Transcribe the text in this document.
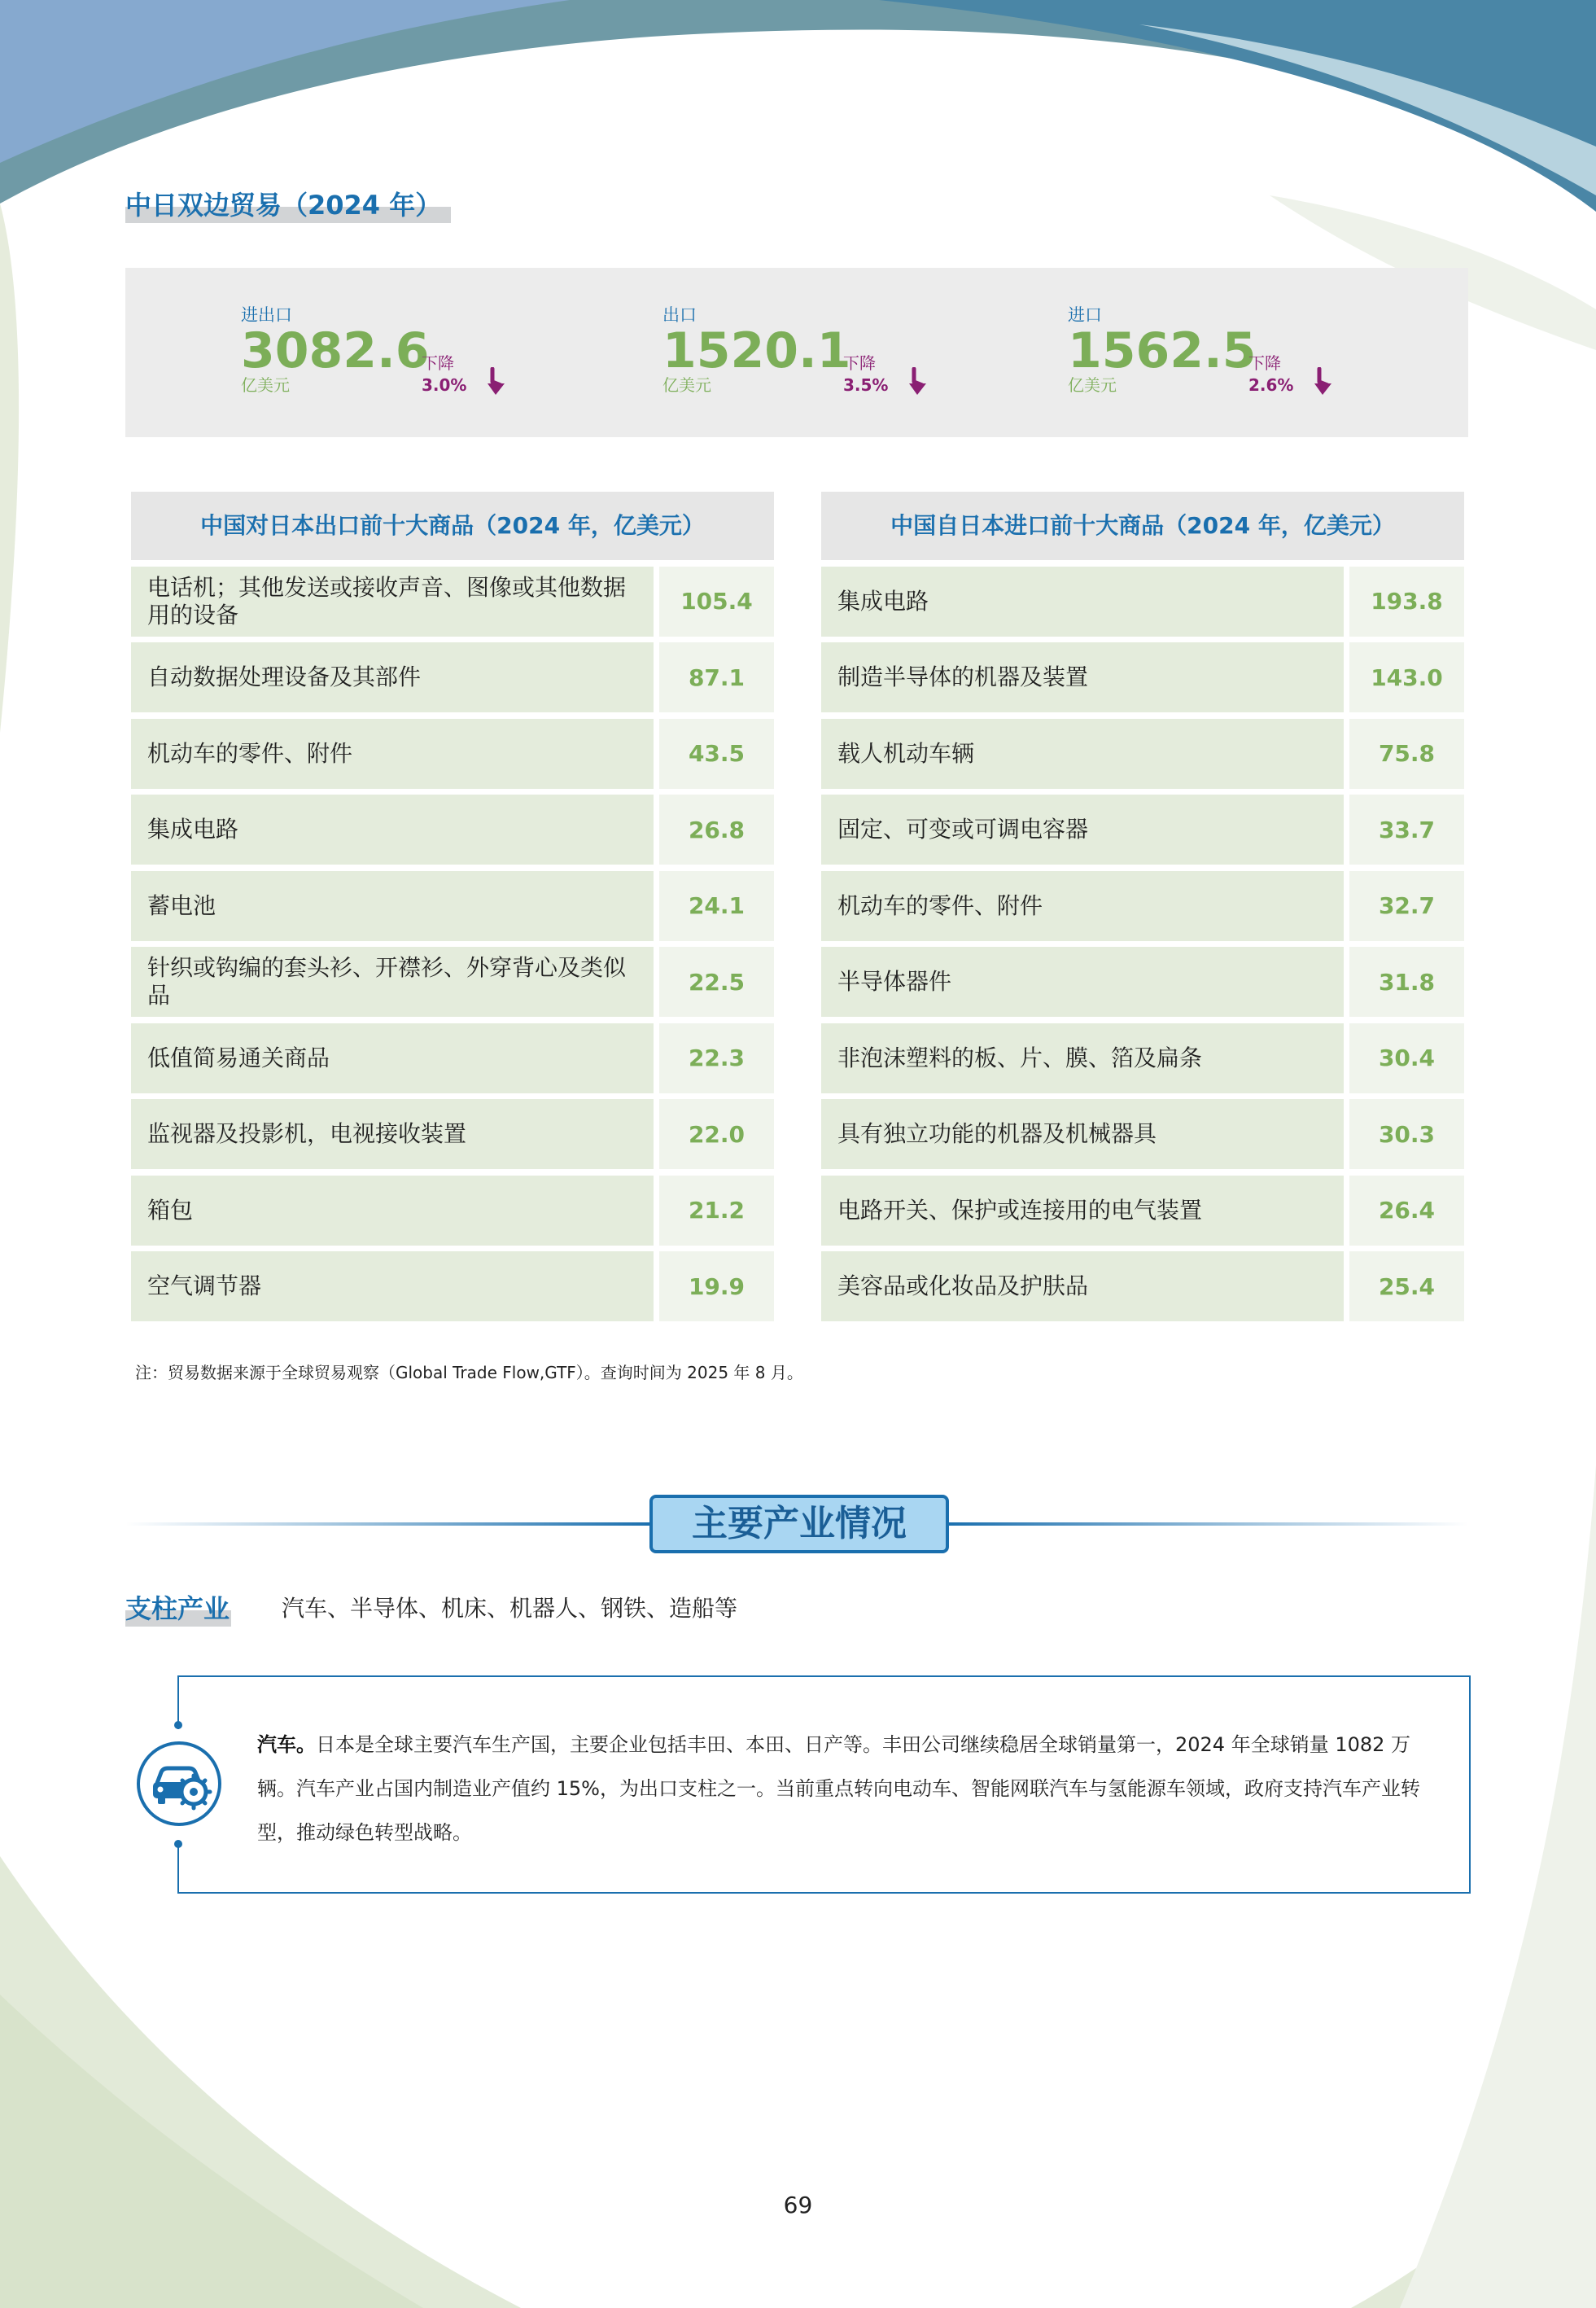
中日双边贸易（2024 年）
进出口
3082.6
亿美元
下降
3.0%
出口
1520.1
亿美元
下降
3.5%
进口
1562.5
亿美元
下降
2.6%
中国对日本出口前十大商品（2024 年，亿美元）
电话机；其他发送或接收声音、图像或其他数据用的设备	105.4
自动数据处理设备及其部件	87.1
机动车的零件、附件	43.5
集成电路	26.8
蓄电池	24.1
针织或钩编的套头衫、开襟衫、外穿背心及类似品	22.5
低值简易通关商品	22.3
监视器及投影机，电视接收装置	22.0
箱包	21.2
空气调节器	19.9
中国自日本进口前十大商品（2024 年，亿美元）
集成电路	193.8
制造半导体的机器及装置	143.0
载人机动车辆	75.8
固定、可变或可调电容器	33.7
机动车的零件、附件	32.7
半导体器件	31.8
非泡沫塑料的板、片、膜、箔及扁条	30.4
具有独立功能的机器及机械器具	30.3
电路开关、保护或连接用的电气装置	26.4
美容品或化妆品及护肤品	25.4
注：贸易数据来源于全球贸易观察（Global Trade Flow,GTF）。查询时间为 2025 年 8 月。
主要产业情况
支柱产业 汽车、半导体、机床、机器人、钢铁、造船等
汽车。日本是全球主要汽车生产国，主要企业包括丰田、本田、日产等。丰田公司继续稳居全球销量第一，2024 年全球销量 1082 万辆。汽车产业占国内制造业产值约 15%，为出口支柱之一。当前重点转向电动车、智能网联汽车与氢能源车领域，政府支持汽车产业转型，推动绿色转型战略。
69
